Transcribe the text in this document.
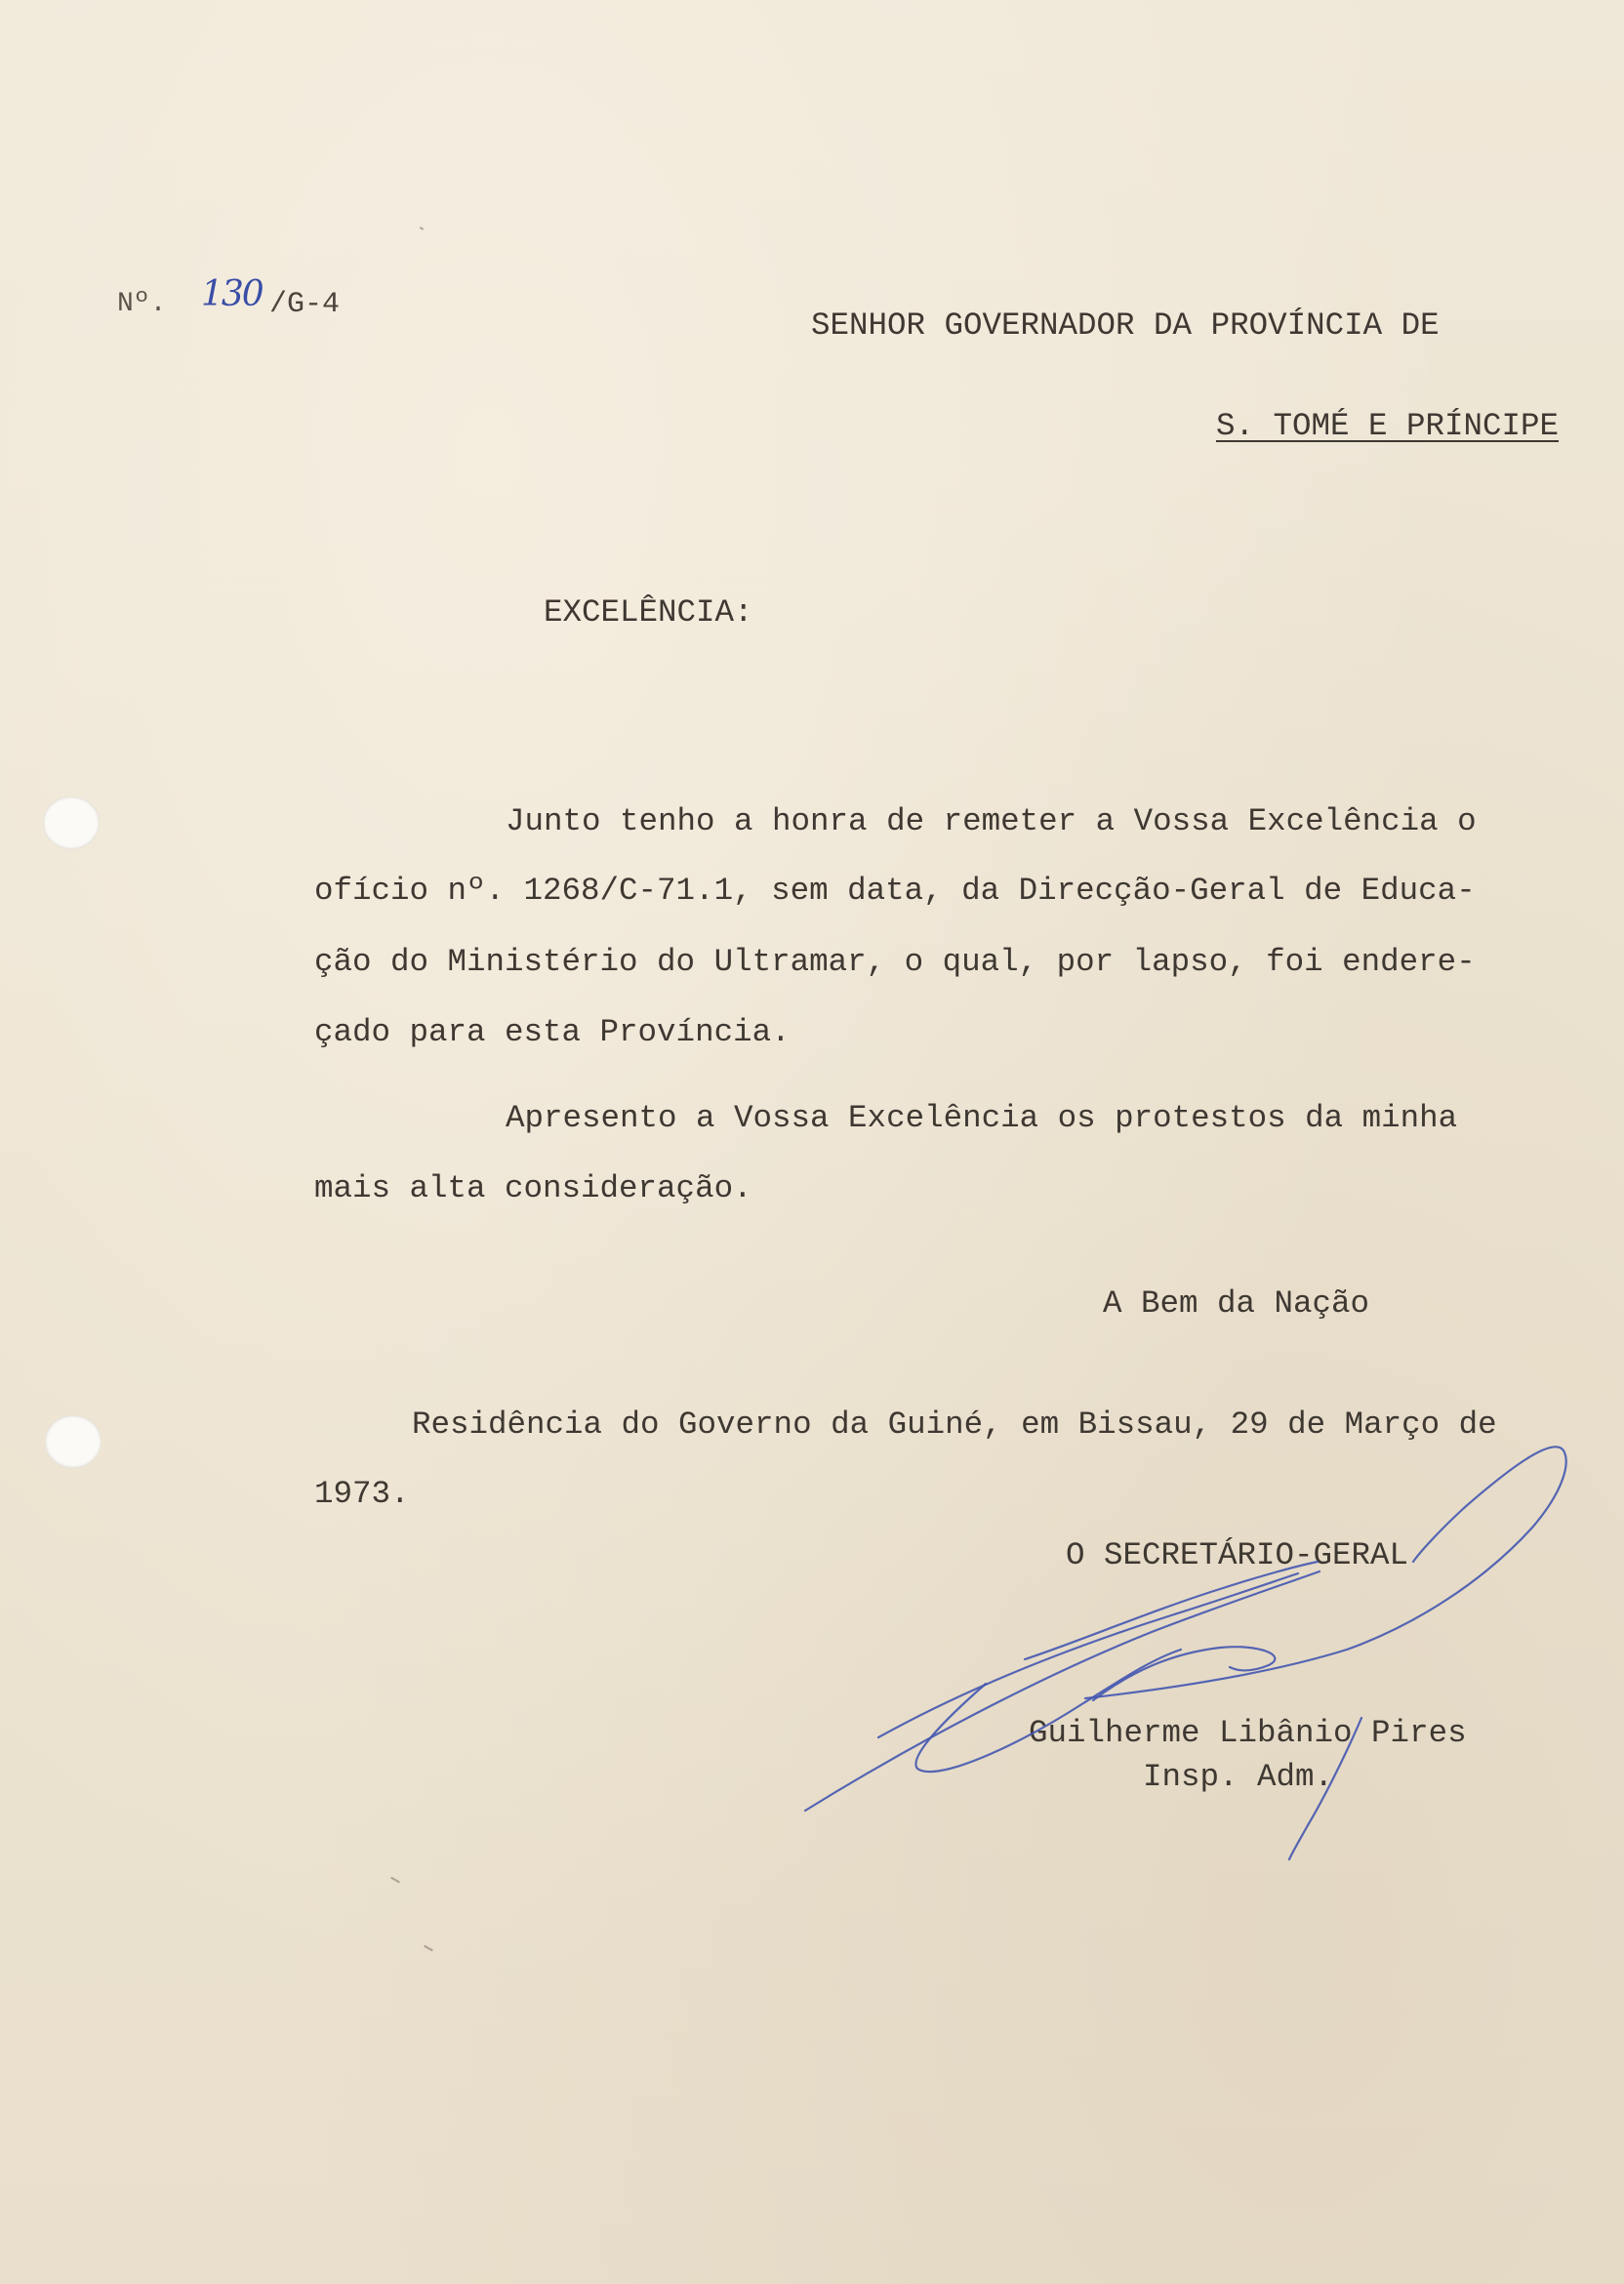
Nº. 130 /G-4
SENHOR GOVERNADOR DA PROVÍNCIA DE
S. TOMÉ E PRÍNCIPE
EXCELÊNCIA:
Junto tenho a honra de remeter a Vossa Excelência o
ofício nº. 1268/C-71.1, sem data, da Direcção-Geral de Educa-
ção do Ministério do Ultramar, o qual, por lapso, foi endere-
çado para esta Província.
Apresento a Vossa Excelência os protestos da minha
mais alta consideração.
A Bem da Nação
Residência do Governo da Guiné, em Bissau, 29 de Março de
1973.
O SECRETÁRIO-GERAL
Guilherme Libânio Pires
Insp. Adm.
